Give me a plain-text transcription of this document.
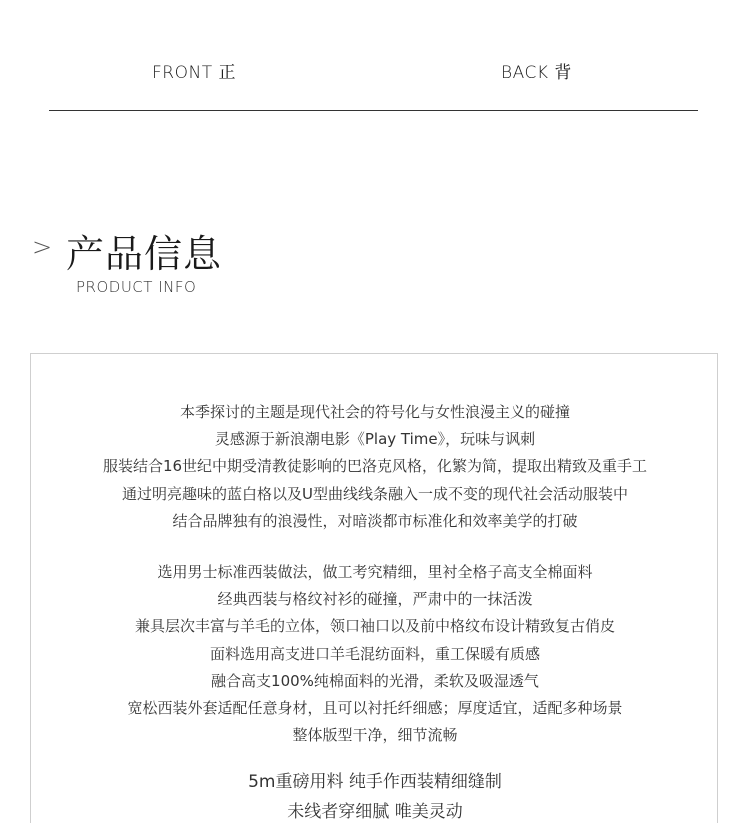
FRONT 正	BACK 背
> 产品信息
PRODUCT INFO
本季探讨的主题是现代社会的符号化与女性浪漫主义的碰撞
灵感源于新浪潮电影《Play Time》，玩味与讽刺
服装结合16世纪中期受清教徒影响的巴洛克风格，化繁为简，提取出精致及重手工
通过明亮趣味的蓝白格以及U型曲线线条融入一成不变的现代社会活动服装中
结合品牌独有的浪漫性，对暗淡都市标准化和效率美学的打破
选用男士标准西装做法，做工考究精细，里衬全格子高支全棉面料
经典西装与格纹衬衫的碰撞，严肃中的一抹活泼
兼具层次丰富与羊毛的立体，领口袖口以及前中格纹布设计精致复古俏皮
面料选用高支进口羊毛混纺面料，重工保暖有质感
融合高支100%纯棉面料的光滑，柔软及吸湿透气
宽松西装外套适配任意身材，且可以衬托纤细感；厚度适宜，适配多种场景
整体版型干净，细节流畅
5m重磅用料 纯手作西装精细缝制
未线者穿细腻 唯美灵动
